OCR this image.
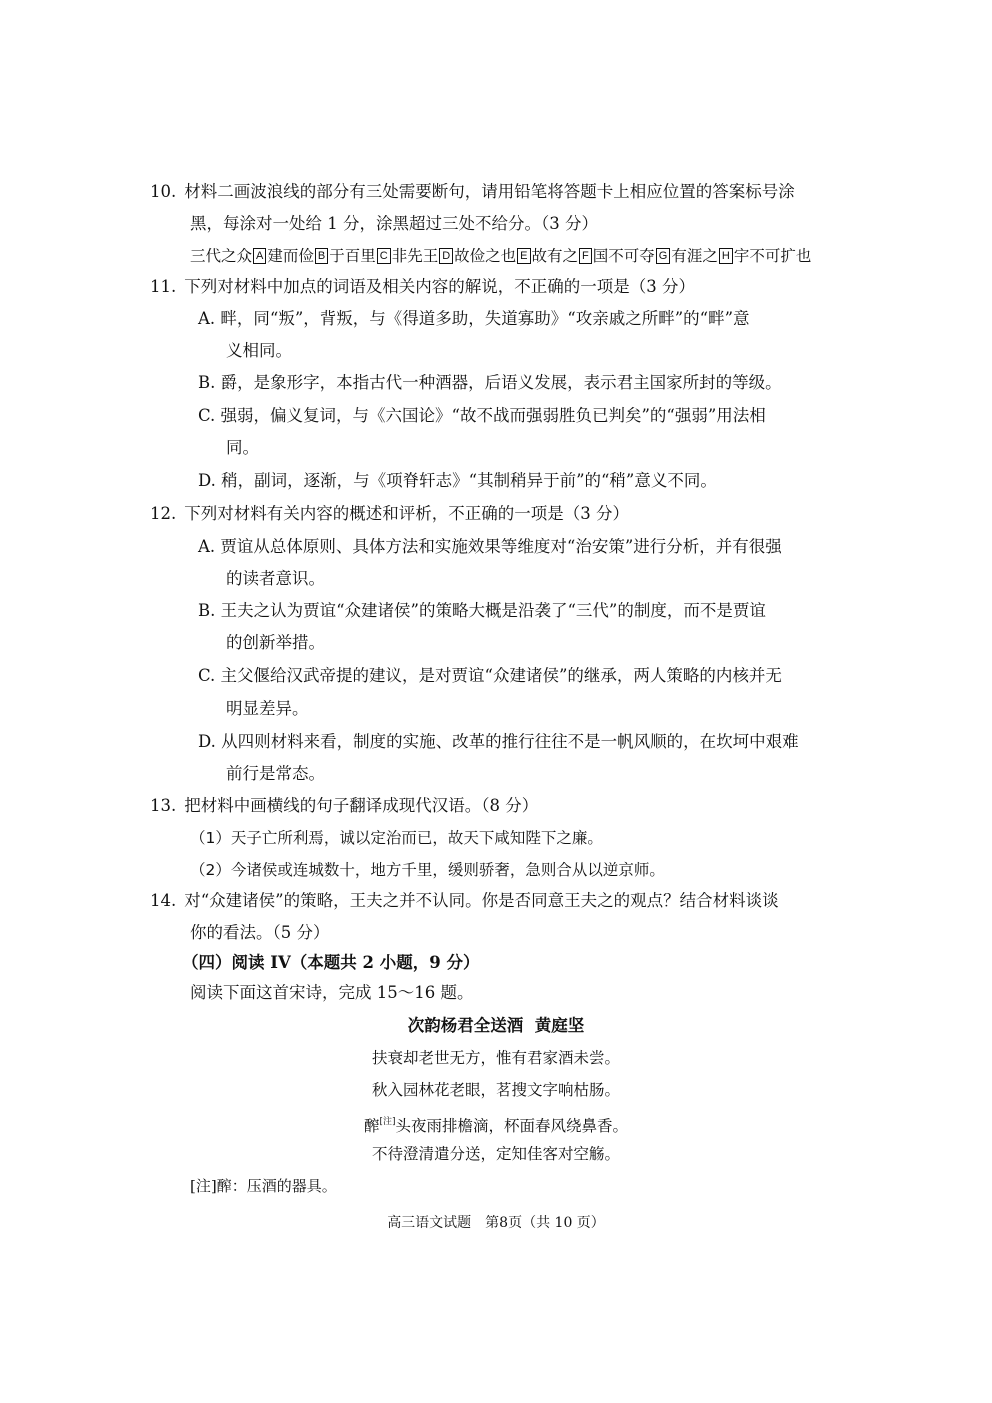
10. 材料二画波浪线的部分有三处需要断句，请用铅笔将答题卡上相应位置的答案标号涂
黑，每涂对一处给 1 分，涂黑超过三处不给分。（3 分）
三代之众 A 建而俭 B 于百里 C 非先王 D 故俭之也 E 故有之 F 国不可夺 G 有涯之 H 宇不可扩也
11. 下列对材料中加点的词语及相关内容的解说，不正确的一项是（3 分）
A. 畔，同“叛”，背叛，与《得道多助，失道寡助》“攻亲戚之所畔”的“畔”意
义相同。
B. 爵，是象形字，本指古代一种酒器，后语义发展，表示君主国家所封的等级。
C. 强弱，偏义复词，与《六国论》“故不战而强弱胜负已判矣”的“强弱”用法相
同。
D. 稍，副词，逐渐，与《项脊轩志》“其制稍异于前”的“稍”意义不同。
12. 下列对材料有关内容的概述和评析，不正确的一项是（3 分）
A. 贾谊从总体原则、具体方法和实施效果等维度对“治安策”进行分析，并有很强
的读者意识。
B. 王夫之认为贾谊“众建诸侯”的策略大概是沿袭了“三代”的制度，而不是贾谊
的创新举措。
C. 主父偃给汉武帝提的建议，是对贾谊“众建诸侯”的继承，两人策略的内核并无
明显差异。
D. 从四则材料来看，制度的实施、改革的推行往往不是一帆风顺的，在坎坷中艰难
前行是常态。
13. 把材料中画横线的句子翻译成现代汉语。（8 分）
（1）天子亡所利焉，诚以定治而已，故天下咸知陛下之廉。
（2）今诸侯或连城数十，地方千里，缓则骄奢，急则合从以逆京师。
14. 对“众建诸侯”的策略，王夫之并不认同。你是否同意王夫之的观点？结合材料谈谈
你的看法。（5 分）
（四）阅读 IV（本题共 2 小题，9 分）
阅读下面这首宋诗，完成 15～16 题。
次韵杨君全送酒 黄庭坚
扶衰却老世无方，惟有君家酒未尝。
秋入园林花老眼，茗搜文字响枯肠。
醡[注]头夜雨排檐滴，杯面春风绕鼻香。
不待澄清遣分送，定知佳客对空觞。
[注]醡：压酒的器具。
高三语文试题　第8页（共 10 页）
